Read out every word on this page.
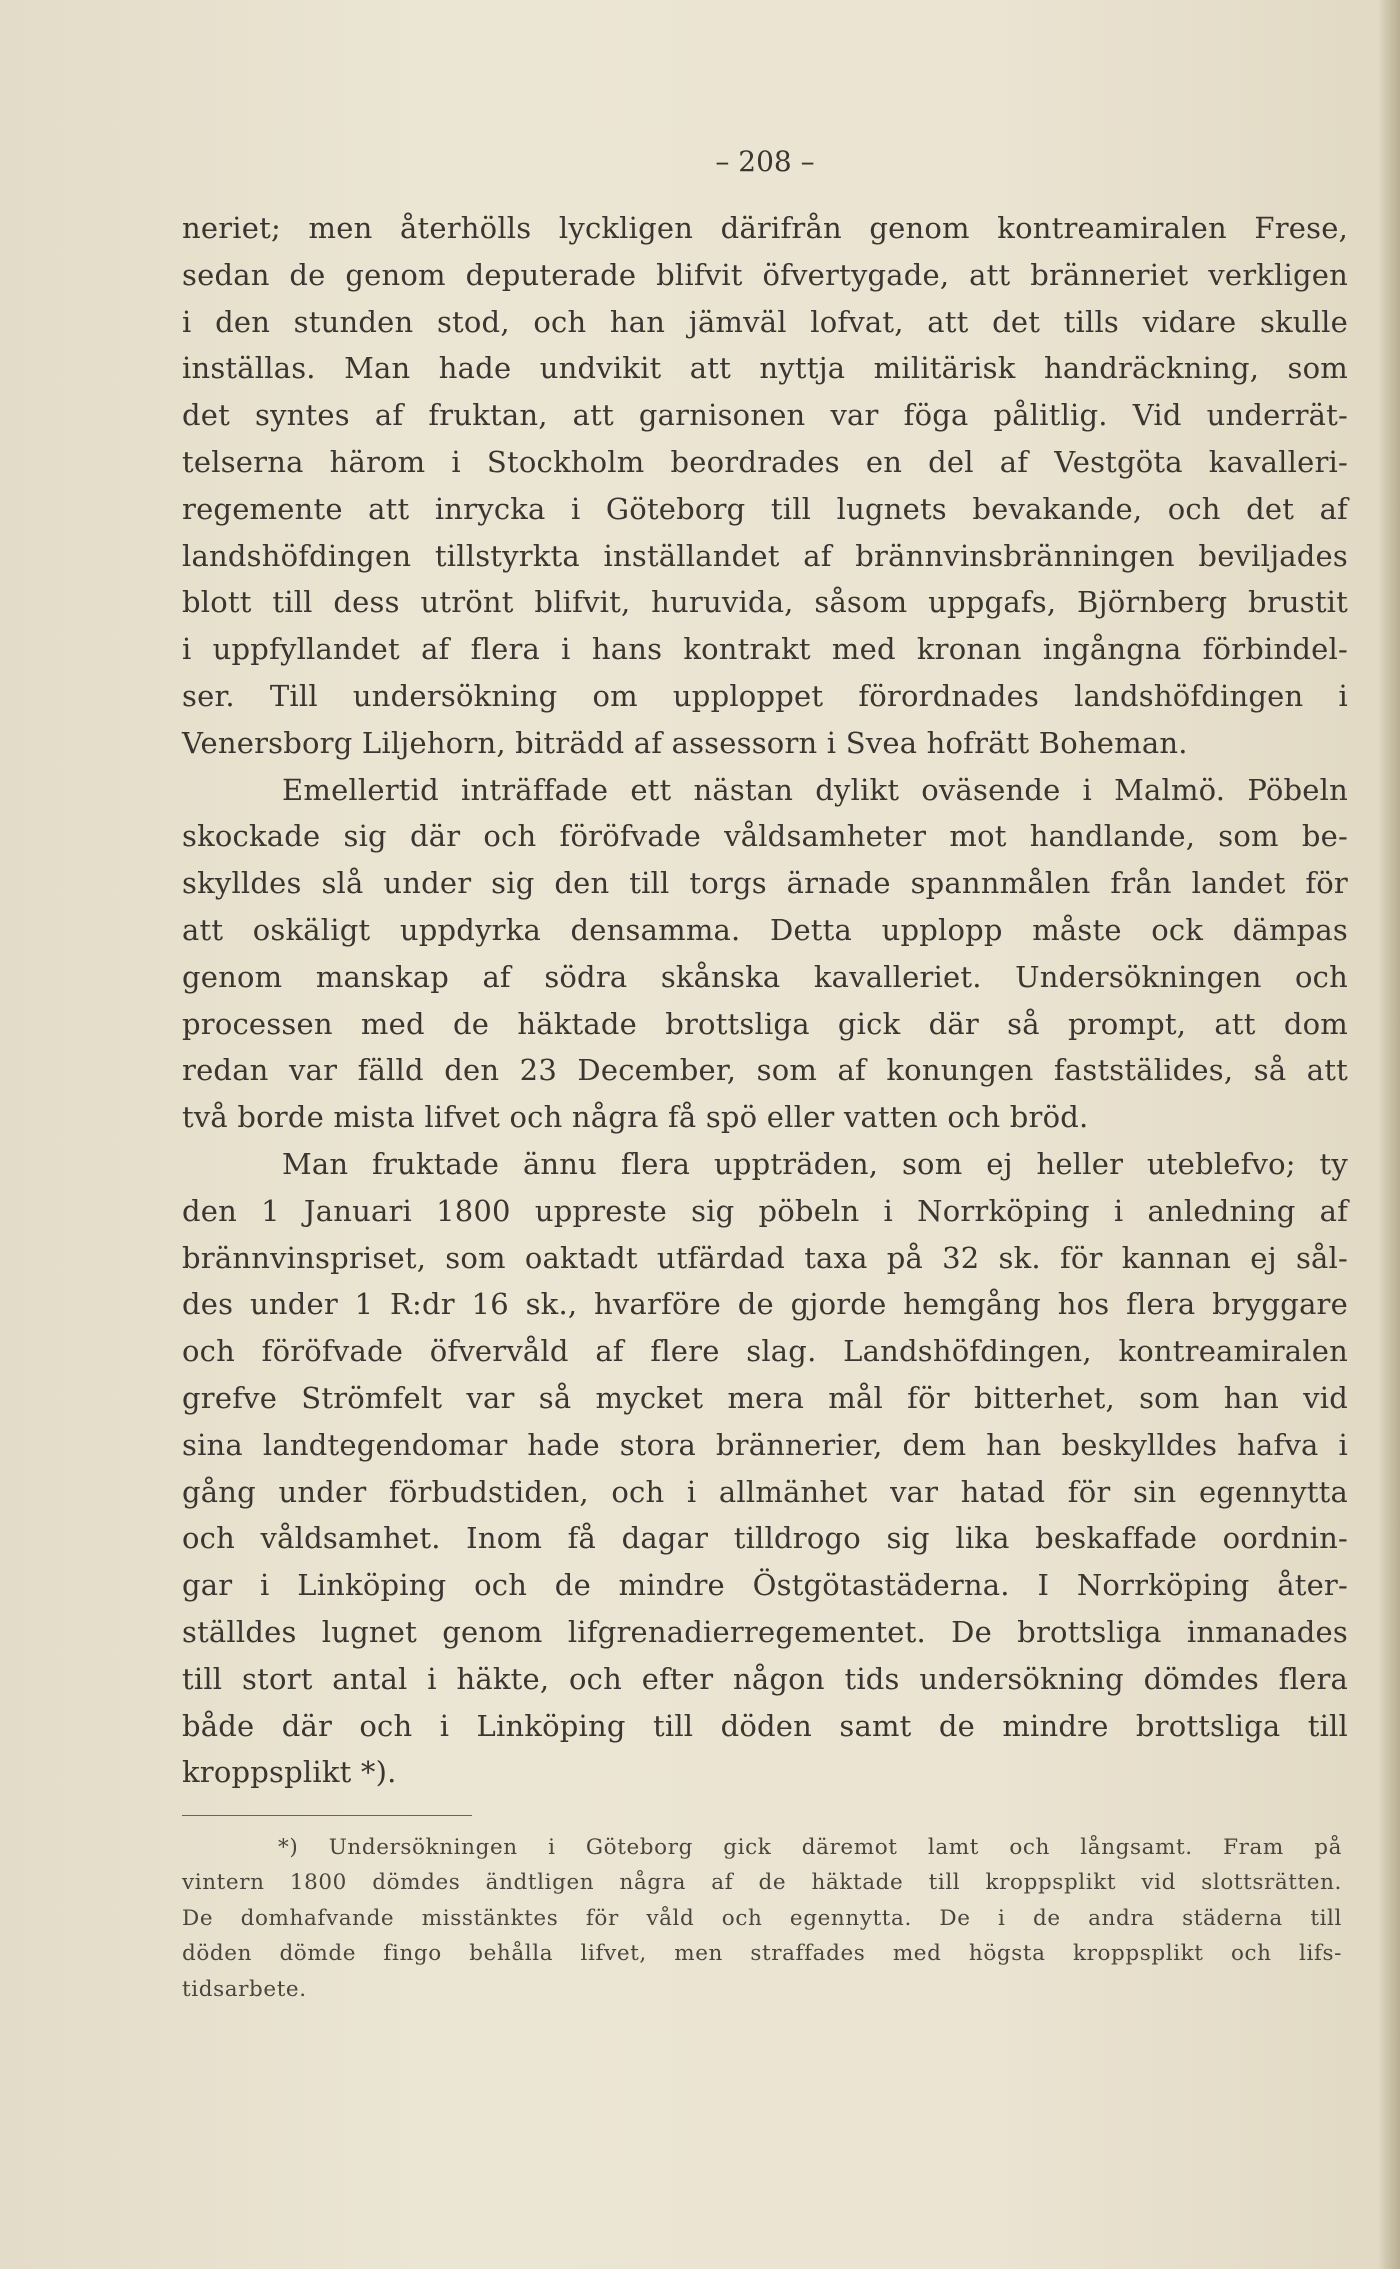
– 208 –
neriet; men återhölls lyckligen därifrån genom kontreamiralen Frese,
sedan de genom deputerade blifvit öfvertygade, att bränneriet verkligen
i den stunden stod, och han jämväl lofvat, att det tills vidare skulle
inställas. Man hade undvikit att nyttja militärisk handräckning, som
det syntes af fruktan, att garnisonen var föga pålitlig. Vid underrät-
telserna härom i Stockholm beordrades en del af Vestgöta kavalleri-
regemente att inrycka i Göteborg till lugnets bevakande, och det af
landshöfdingen tillstyrkta inställandet af brännvinsbränningen beviljades
blott till dess utrönt blifvit, huruvida, såsom uppgafs, Björnberg brustit
i uppfyllandet af flera i hans kontrakt med kronan ingångna förbindel-
ser. Till undersökning om upploppet förordnades landshöfdingen i
Venersborg Liljehorn, biträdd af assessorn i Svea hofrätt Boheman.
Emellertid inträffade ett nästan dylikt oväsende i Malmö. Pöbeln
skockade sig där och föröfvade våldsamheter mot handlande, som be-
skylldes slå under sig den till torgs ärnade spannmålen från landet för
att oskäligt uppdyrka densamma. Detta upplopp måste ock dämpas
genom manskap af södra skånska kavalleriet. Undersökningen och
processen med de häktade brottsliga gick där så prompt, att dom
redan var fälld den 23 December, som af konungen faststälides, så att
två borde mista lifvet och några få spö eller vatten och bröd.
Man fruktade ännu flera uppträden, som ej heller uteblefvo; ty
den 1 Januari 1800 uppreste sig pöbeln i Norrköping i anledning af
brännvinspriset, som oaktadt utfärdad taxa på 32 sk. för kannan ej sål-
des under 1 R:dr 16 sk., hvarföre de gjorde hemgång hos flera bryggare
och föröfvade öfvervåld af flere slag. Landshöfdingen, kontreamiralen
grefve Strömfelt var så mycket mera mål för bitterhet, som han vid
sina landtegendomar hade stora brännerier, dem han beskylldes hafva i
gång under förbudstiden, och i allmänhet var hatad för sin egennytta
och våldsamhet. Inom få dagar tilldrogo sig lika beskaffade oordnin-
gar i Linköping och de mindre Östgötastäderna. I Norrköping åter-
ställdes lugnet genom lifgrenadierregementet. De brottsliga inmanades
till stort antal i häkte, och efter någon tids undersökning dömdes flera
både där och i Linköping till döden samt de mindre brottsliga till
kroppsplikt *).
*) Undersökningen i Göteborg gick däremot lamt och långsamt. Fram på
vintern 1800 dömdes ändtligen några af de häktade till kroppsplikt vid slottsrätten.
De domhafvande misstänktes för våld och egennytta. De i de andra städerna till
döden dömde fingo behålla lifvet, men straffades med högsta kroppsplikt och lifs-
tidsarbete.
